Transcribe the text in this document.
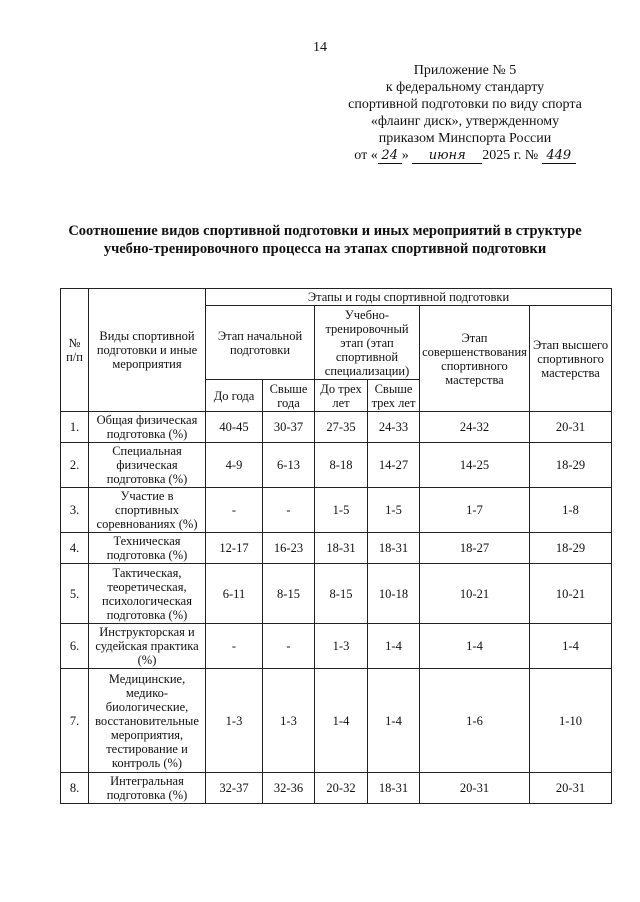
14
Приложение № 5
к федеральному стандарту
спортивной подготовки по виду спорта
«флаинг диск», утвержденному
приказом Минспорта России
от « 24 » июня 2025 г. № 449
Соотношение видов спортивной подготовки и иных мероприятий в структуре
учебно-тренировочного процесса на этапах спортивной подготовки
№ п/п	Виды спортивной подготовки и иные мероприятия	Этапы и годы спортивной подготовки					
		Этап начальной подготовки		Учебно-тренировочный этап (этап спортивной специализации)		Этап совершенствования спортивного мастерства	Этап высшего спортивного мастерства
		До года	Свыше года	До трех лет	Свыше трех лет		
1.	Общая физическая подготовка (%)	40-45	30-37	27-35	24-33	24-32	20-31
2.	Специальная физическая подготовка (%)	4-9	6-13	8-18	14-27	14-25	18-29
3.	Участие в спортивных соревнованиях (%)	-	-	1-5	1-5	1-7	1-8
4.	Техническая подготовка (%)	12-17	16-23	18-31	18-31	18-27	18-29
5.	Тактическая, теоретическая, психологическая подготовка (%)	6-11	8-15	8-15	10-18	10-21	10-21
6.	Инструкторская и судейская практика (%)	-	-	1-3	1-4	1-4	1-4
7.	Медицинские, медико-биологические, восстановительные мероприятия, тестирование и контроль (%)	1-3	1-3	1-4	1-4	1-6	1-10
8.	Интегральная подготовка (%)	32-37	32-36	20-32	18-31	20-31	20-31
